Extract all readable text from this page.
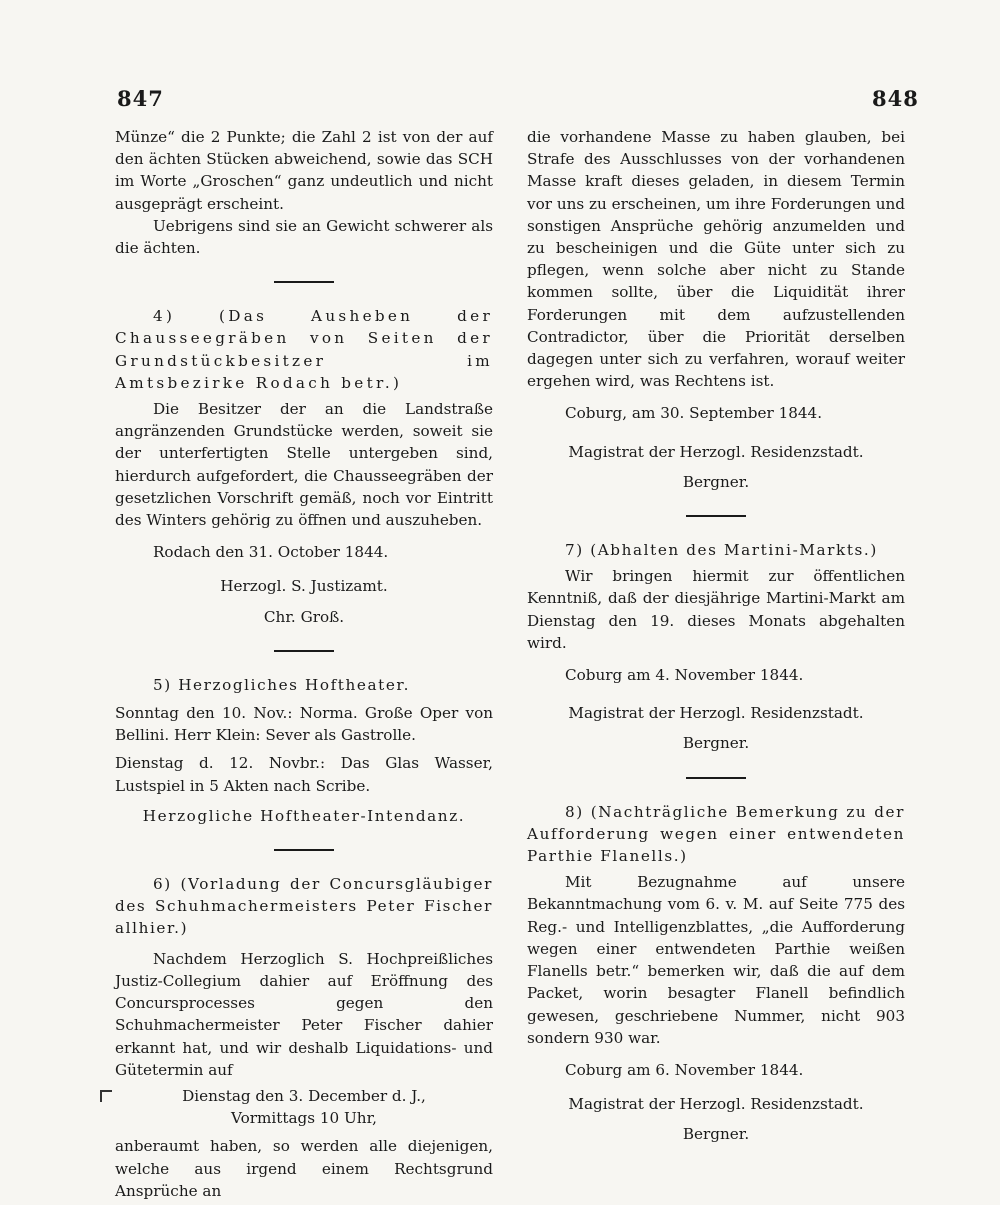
847	848

Münze“ die 2 Punkte; die Zahl 2 ist von der auf den ächten Stücken abweichend, sowie das SCH im Worte „Groschen“ ganz undeutlich und nicht ausgeprägt erscheint.

Uebrigens sind sie an Gewicht schwerer als die ächten.

4) (Das Ausheben der Chausseegräben von Seiten der Grundstückbesitzer im Amtsbezirke Rodach betr.)

Die Besitzer der an die Landstraße angränzenden Grundstücke werden, soweit sie der unterfertigten Stelle untergeben sind, hierdurch aufgefordert, die Chausseegräben der gesetzlichen Vorschrift gemäß, noch vor Eintritt des Winters gehörig zu öffnen und auszuheben.

Rodach den 31. October 1844.

Herzogl. S. Justizamt.
Chr. Groß.

5) Herzogliches Hoftheater.

Sonntag den 10. Nov.: Norma. Große Oper von Bellini. Herr Klein: Sever als Gastrolle.

Dienstag d. 12. Novbr.: Das Glas Wasser, Lustspiel in 5 Akten nach Scribe.

Herzogliche Hoftheater-Intendanz.

6) (Vorladung der Concursgläubiger des Schuhmachermeisters Peter Fischer allhier.)

Nachdem Herzoglich S. Hochpreißliches Justiz-Collegium dahier auf Eröffnung des Concursprocesses gegen den Schuhmachermeister Peter Fischer dahier erkannt hat, und wir deshalb Liquidations- und Gütetermin auf

Dienstag den 3. December d. J.,
Vormittags 10 Uhr,

anberaumt haben, so werden alle diejenigen, welche aus irgend einem Rechtsgrund Ansprüche an

die vorhandene Masse zu haben glauben, bei Strafe des Ausschlusses von der vorhandenen Masse kraft dieses geladen, in diesem Termin vor uns zu erscheinen, um ihre Forderungen und sonstigen Ansprüche gehörig anzumelden und zu bescheinigen und die Güte unter sich zu pflegen, wenn solche aber nicht zu Stande kommen sollte, über die Liquidität ihrer Forderungen mit dem aufzustellenden Contradictor, über die Priorität derselben dagegen unter sich zu verfahren, worauf weiter ergehen wird, was Rechtens ist.

Coburg, am 30. September 1844.

Magistrat der Herzogl. Residenzstadt.
Bergner.

7) (Abhalten des Martini-Markts.)

Wir bringen hiermit zur öffentlichen Kenntniß, daß der diesjährige Martini-Markt am Dienstag den 19. dieses Monats abgehalten wird.

Coburg am 4. November 1844.

Magistrat der Herzogl. Residenzstadt.
Bergner.

8) (Nachträgliche Bemerkung zu der Aufforderung wegen einer entwendeten Parthie Flanells.)

Mit Bezugnahme auf unsere Bekanntmachung vom 6. v. M. auf Seite 775 des Reg.- und Intelligenzblattes, „die Aufforderung wegen einer entwendeten Parthie weißen Flanells betr.“ bemerken wir, daß die auf dem Packet, worin besagter Flanell befindlich gewesen, geschriebene Nummer, nicht 903 sondern 930 war.

Coburg am 6. November 1844.

Magistrat der Herzogl. Residenzstadt.
Bergner.
